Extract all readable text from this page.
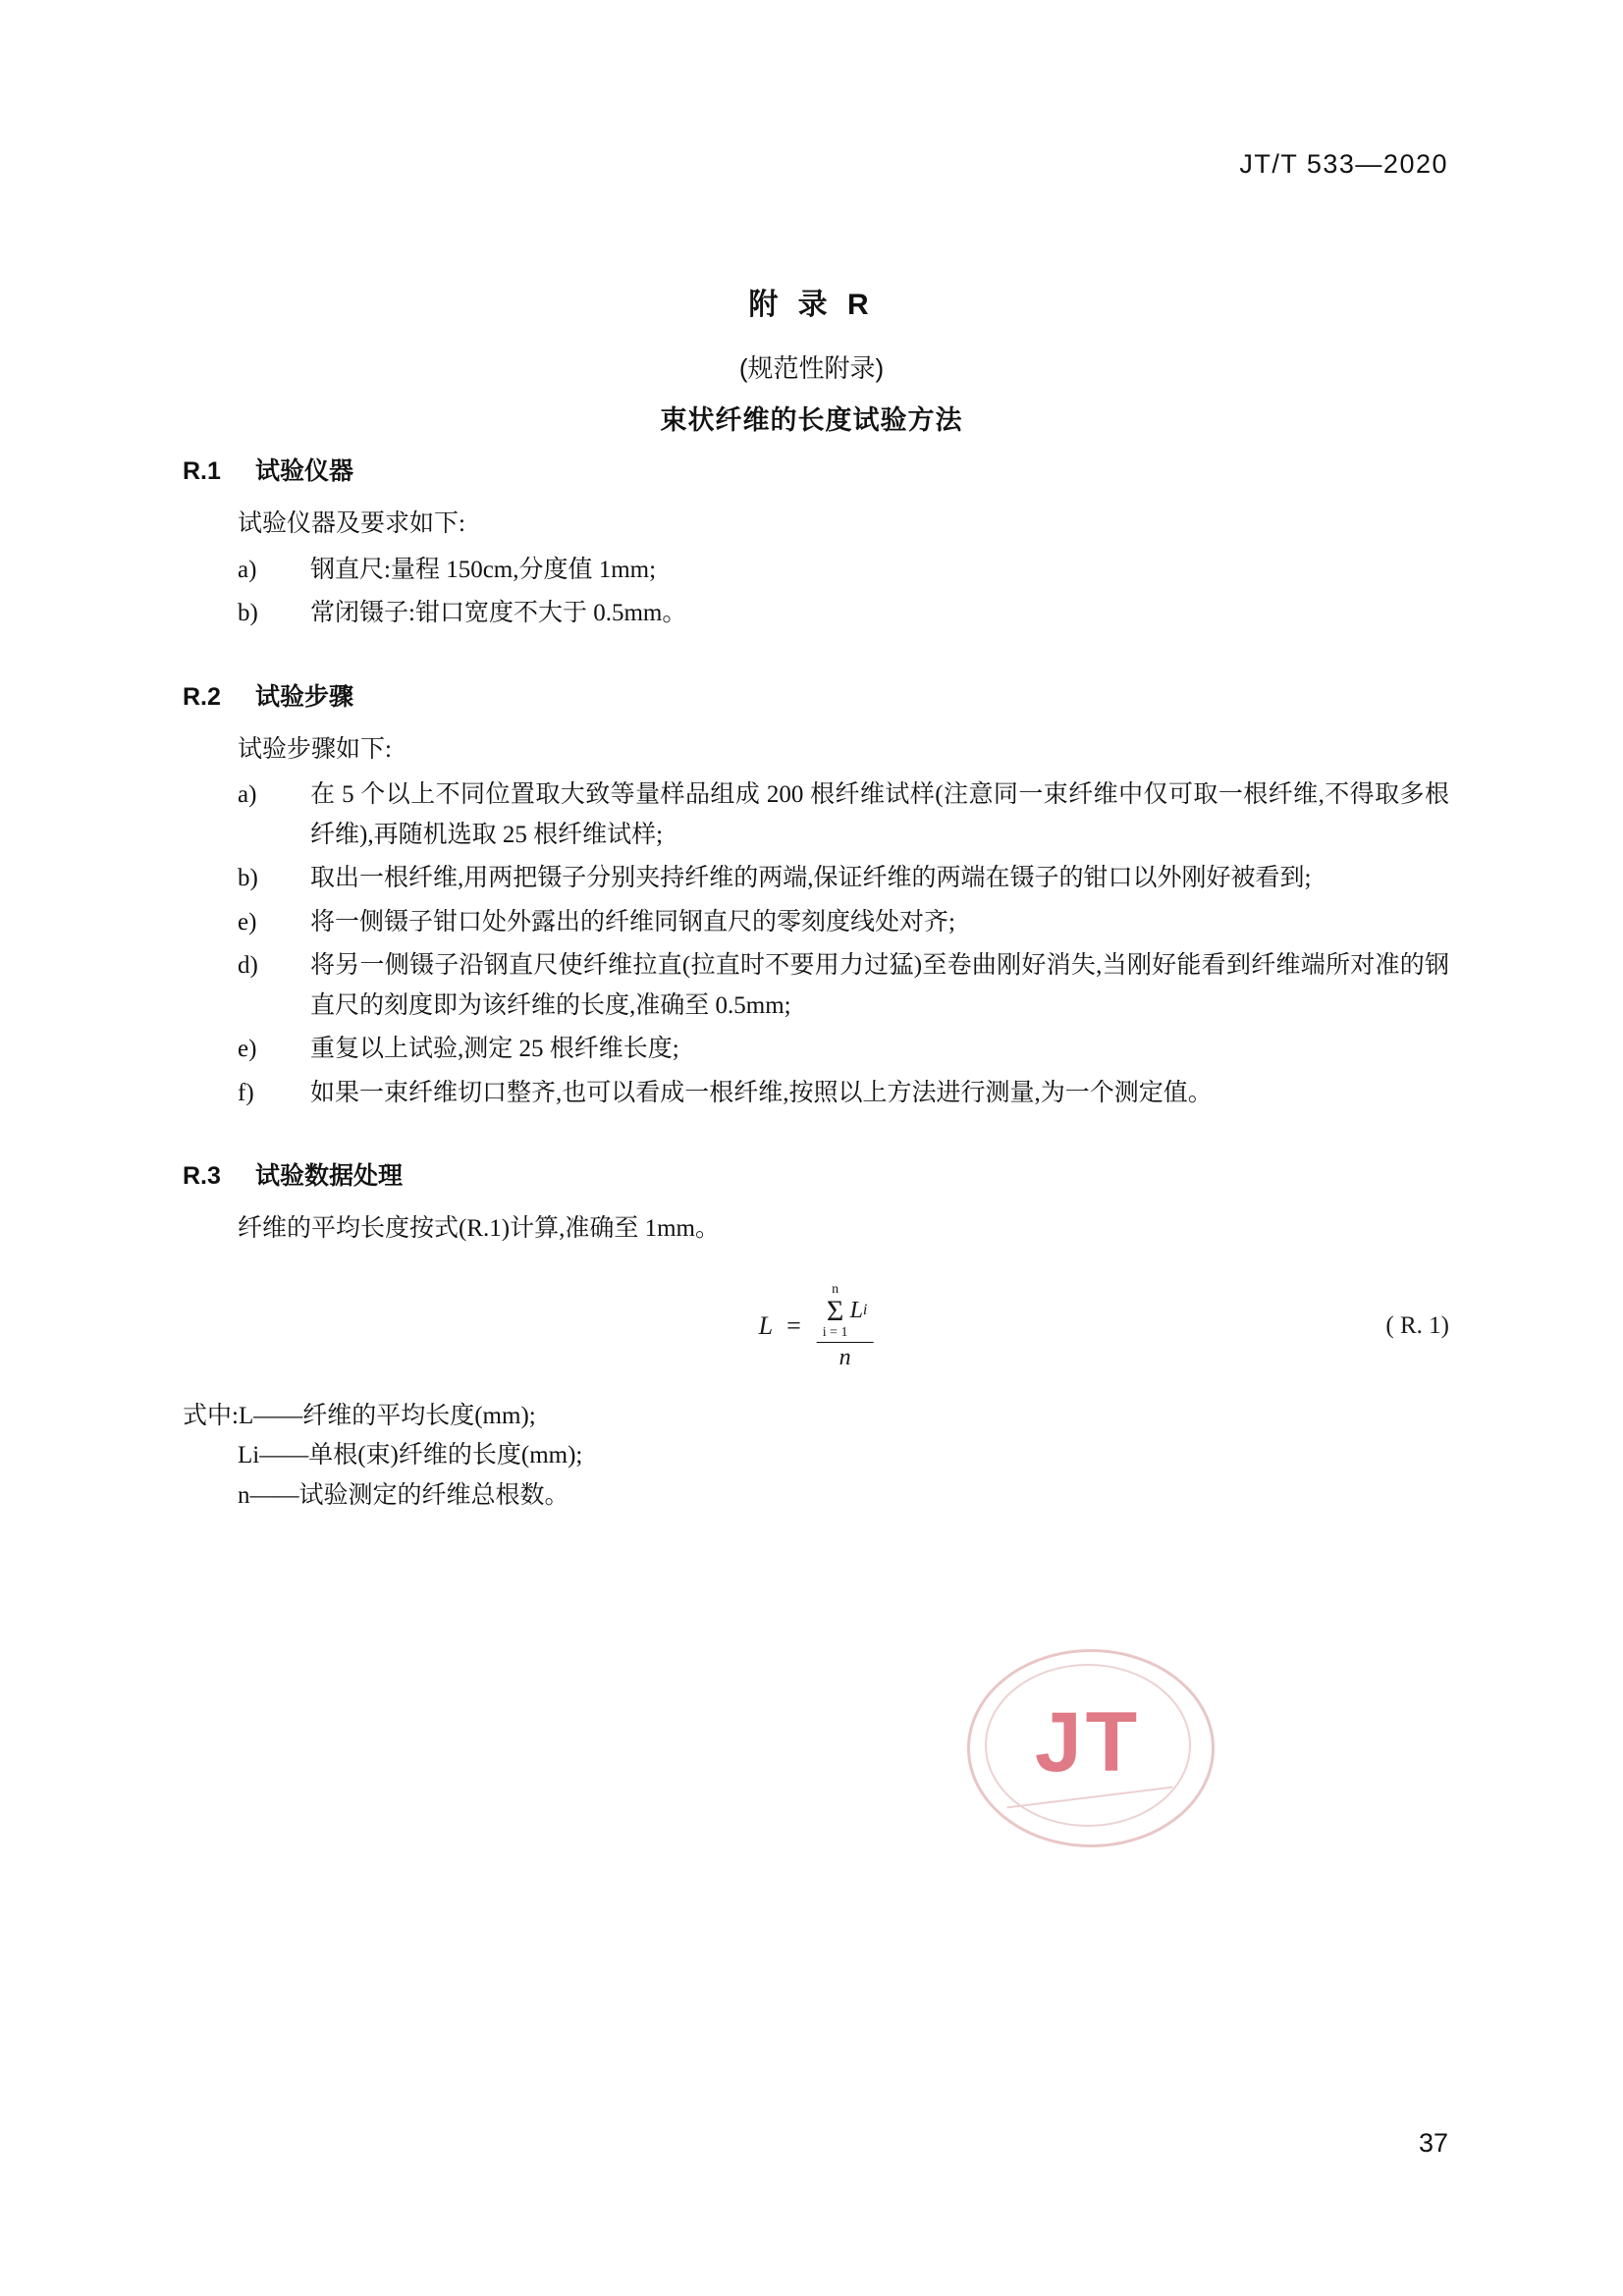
JT/T 533—2020
附 录 R
(规范性附录)
束状纤维的长度试验方法
R.1 试验仪器
试验仪器及要求如下:
a)	钢直尺:量程 150cm,分度值 1mm;
b)	常闭镊子:钳口宽度不大于 0.5mm。
R.2 试验步骤
试验步骤如下:
a)	在 5 个以上不同位置取大致等量样品组成 200 根纤维试样(注意同一束纤维中仅可取一根纤维,不得取多根纤维),再随机选取 25 根纤维试样;
b)	取出一根纤维,用两把镊子分别夹持纤维的两端,保证纤维的两端在镊子的钳口以外刚好被看到;
e)	将一侧镊子钳口处外露出的纤维同钢直尺的零刻度线处对齐;
d)	将另一侧镊子沿钢直尺使纤维拉直(拉直时不要用力过猛)至卷曲刚好消失,当刚好能看到纤维端所对准的钢直尺的刻度即为该纤维的长度,准确至 0.5mm;
e)	重复以上试验,测定 25 根纤维长度;
f)	如果一束纤维切口整齐,也可以看成一根纤维,按照以上方法进行测量,为一个测定值。
R.3 试验数据处理
纤维的平均长度按式(R.1)计算,准确至 1mm。
L =
n
Σ
i = 1
L i
n
( R. 1)
式中:L——纤维的平均长度(mm);
Li——单根(束)纤维的长度(mm);
n——试验测定的纤维总根数。
JT
37
